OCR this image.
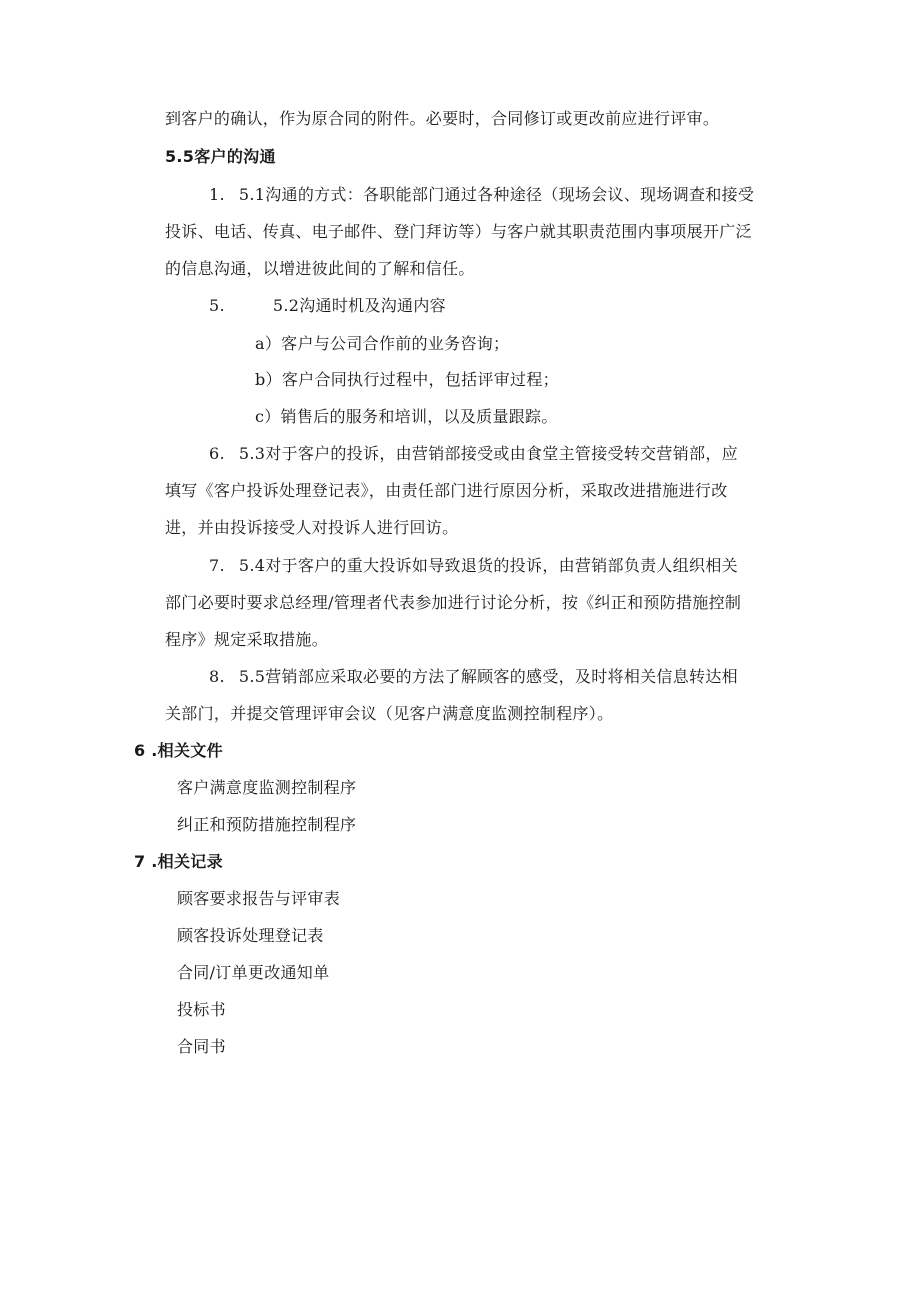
到客户的确认，作为原合同的附件。必要时，合同修订或更改前应进行评审。
5.5客户的沟通
1. 5.1沟通的方式：各职能部门通过各种途径（现场会议、现场调查和接受
投诉、电话、传真、电子邮件、登门拜访等）与客户就其职责范围内事项展开广泛
的信息沟通，以增进彼此间的了解和信任。
5.	5.2沟通时机及沟通内容
a）客户与公司合作前的业务咨询；
b）客户合同执行过程中，包括评审过程；
c）销售后的服务和培训，以及质量跟踪。
6. 5.3对于客户的投诉，由营销部接受或由食堂主管接受转交营销部，应
填写《客户投诉处理登记表》，由责任部门进行原因分析，采取改进措施进行改
进，并由投诉接受人对投诉人进行回访。
7. 5.4对于客户的重大投诉如导致退货的投诉，由营销部负责人组织相关
部门必要时要求总经理/管理者代表参加进行讨论分析，按《纠正和预防措施控制
程序》规定采取措施。
8. 5.5营销部应采取必要的方法了解顾客的感受，及时将相关信息转达相
关部门，并提交管理评审会议（见客户满意度监测控制程序）。
6 .相关文件
客户满意度监测控制程序
纠正和预防措施控制程序
7 .相关记录
顾客要求报告与评审表
顾客投诉处理登记表
合同/订单更改通知单
投标书
合同书
